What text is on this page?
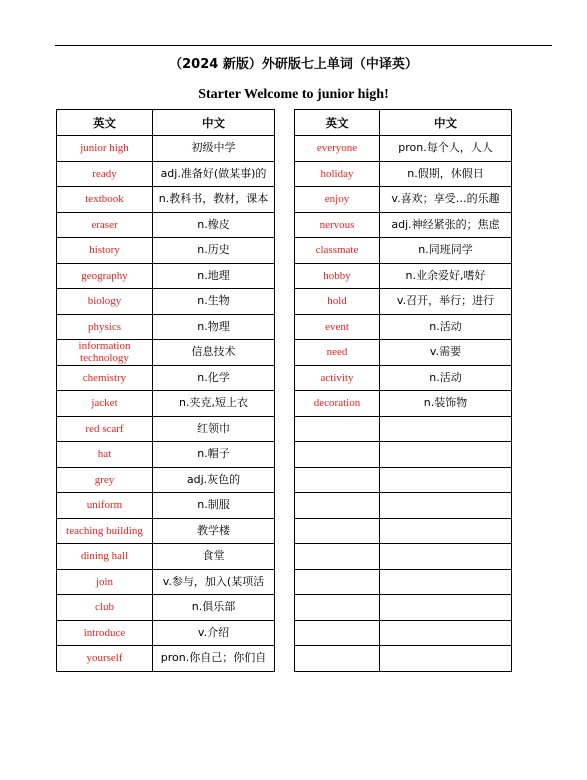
（2024 新版）外研版七上单词（中译英）
Starter Welcome to junior high!
英文	中文
junior high	初级中学
ready	adj.准备好(做某事)的
textbook	n.教科书，教材，课本
eraser	n.橡皮
history	n.历史
geography	n.地理
biology	n.生物
physics	n.物理
information technology	信息技术
chemistry	n.化学
jacket	n.夹克,短上衣
red scarf	红领巾
hat	n.帽子
grey	adj.灰色的
uniform	n.制服
teaching building	教学楼
dining hall	食堂
join	v.参与，加入(某项活
club	n.俱乐部
introduce	v.介绍
yourself	pron.你自己；你们自
英文	中文
everyone	pron.每个人，人人
holiday	n.假期，休假日
enjoy	v.喜欢；享受…的乐趣
nervous	adj.神经紧张的；焦虑
classmate	n.同班同学
hobby	n.业余爱好,嗜好
hold	v.召开，举行；进行
event	n.活动
need	v.需要
activity	n.活动
decoration	n.装饰物
